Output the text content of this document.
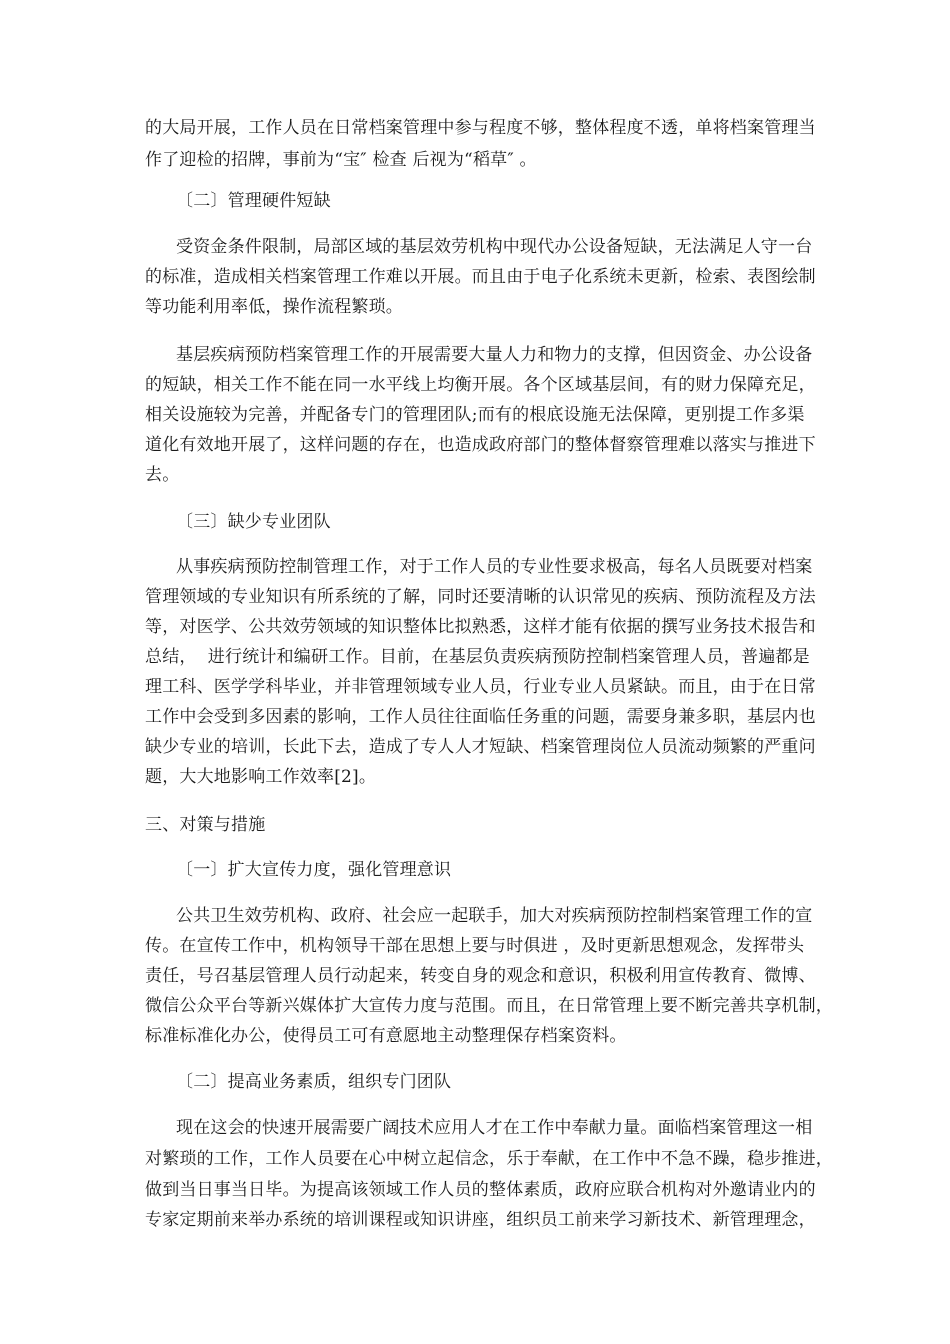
的大局开展，工作人员在日常档案管理中参与程度不够，整体程度不透，单将档案管理当
作了迎检的招牌，事前为“宝″ 检查 后视为“稻草″ 。
〔二〕管理硬件短缺
受资金条件限制，局部区域的基层效劳机构中现代办公设备短缺，无法满足人守一台
的标准，造成相关档案管理工作难以开展。而且由于电子化系统未更新，检索、表图绘制
等功能利用率低，操作流程繁琐。
基层疾病预防档案管理工作的开展需要大量人力和物力的支撑，但因资金、办公设备
的短缺，相关工作不能在同一水平线上均衡开展。各个区域基层间，有的财力保障充足，
相关设施较为完善，并配备专门的管理团队;而有的根底设施无法保障，更别提工作多渠
道化有效地开展了，这样问题的存在，也造成政府部门的整体督察管理难以落实与推进下
去。
〔三〕缺少专业团队
从事疾病预防控制管理工作，对于工作人员的专业性要求极高，每名人员既要对档案
管理领域的专业知识有所系统的了解，同时还要清晰的认识常见的疾病、预防流程及方法
等，对医学、公共效劳领域的知识整体比拟熟悉，这样才能有依据的撰写业务技术报告和
总结，  进行统计和编研工作。目前，在基层负责疾病预防控制档案管理人员，普遍都是
理工科、医学学科毕业，并非管理领域专业人员，行业专业人员紧缺。而且，由于在日常
工作中会受到多因素的影响，工作人员往往面临任务重的问题，需要身兼多职，基层内也
缺少专业的培训，长此下去，造成了专人人才短缺、档案管理岗位人员流动频繁的严重问
题，大大地影响工作效率[2]。
三、对策与措施
〔一〕扩大宣传力度，强化管理意识
公共卫生效劳机构、政府、社会应一起联手，加大对疾病预防控制档案管理工作的宣
传。在宣传工作中，机构领导干部在思想上要与时俱进 ，及时更新思想观念，发挥带头
责任，号召基层管理人员行动起来，转变自身的观念和意识，积极利用宣传教育、微博、
微信公众平台等新兴媒体扩大宣传力度与范围。而且，在日常管理上要不断完善共享机制，
标准标准化办公，使得员工可有意愿地主动整理保存档案资料。
〔二〕提高业务素质，组织专门团队
现在这会的快速开展需要广阔技术应用人才在工作中奉献力量。面临档案管理这一相
对繁琐的工作，工作人员要在心中树立起信念，乐于奉献，在工作中不急不躁，稳步推进，
做到当日事当日毕。为提高该领域工作人员的整体素质，政府应联合机构对外邀请业内的
专家定期前来举办系统的培训课程或知识讲座，组织员工前来学习新技术、新管理理念，
